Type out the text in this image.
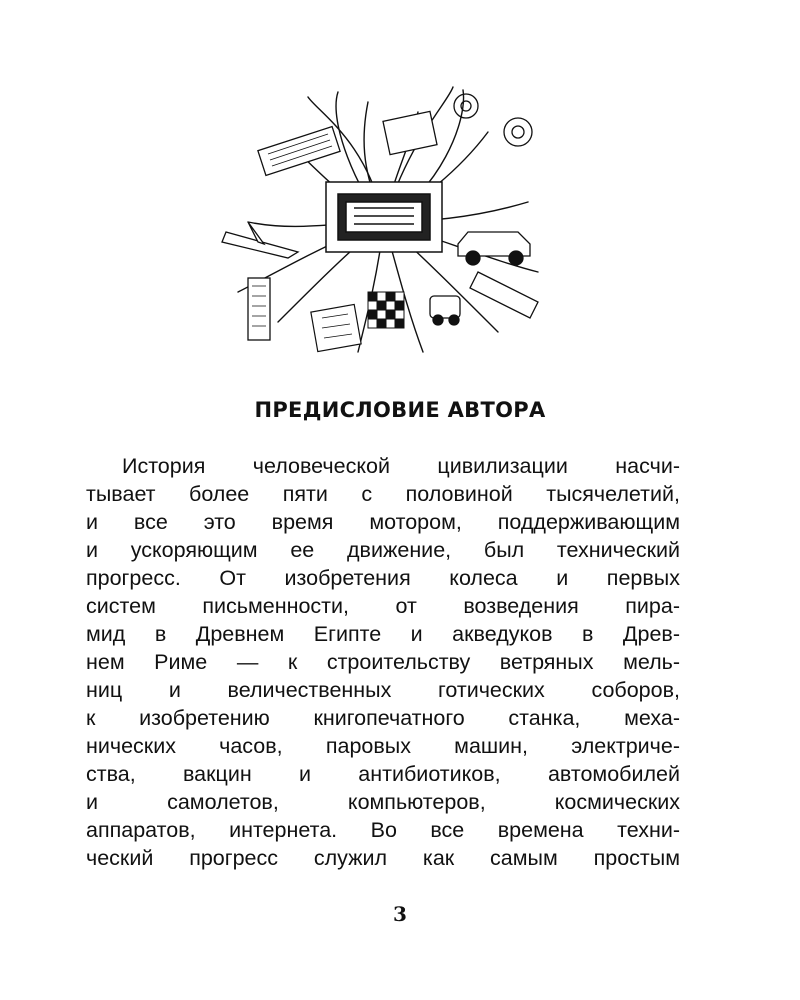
ПРЕДИСЛОВИЕ АВТОРА
История человеческой цивилизации насчи-
тывает более пяти с половиной тысячелетий,
и все это время мотором, поддерживающим
и ускоряющим ее движение, был технический
прогресс. От изобретения колеса и первых
систем письменности, от возведения пира-
мид в Древнем Египте и акведуков в Древ-
нем Риме — к строительству ветряных мель-
ниц и величественных готических соборов,
к изобретению книгопечатного станка, меха-
нических часов, паровых машин, электриче-
ства, вакцин и антибиотиков, автомобилей
и самолетов, компьютеров, космических
аппаратов, интернета. Во все времена техни-
ческий прогресс служил как самым простым
3
